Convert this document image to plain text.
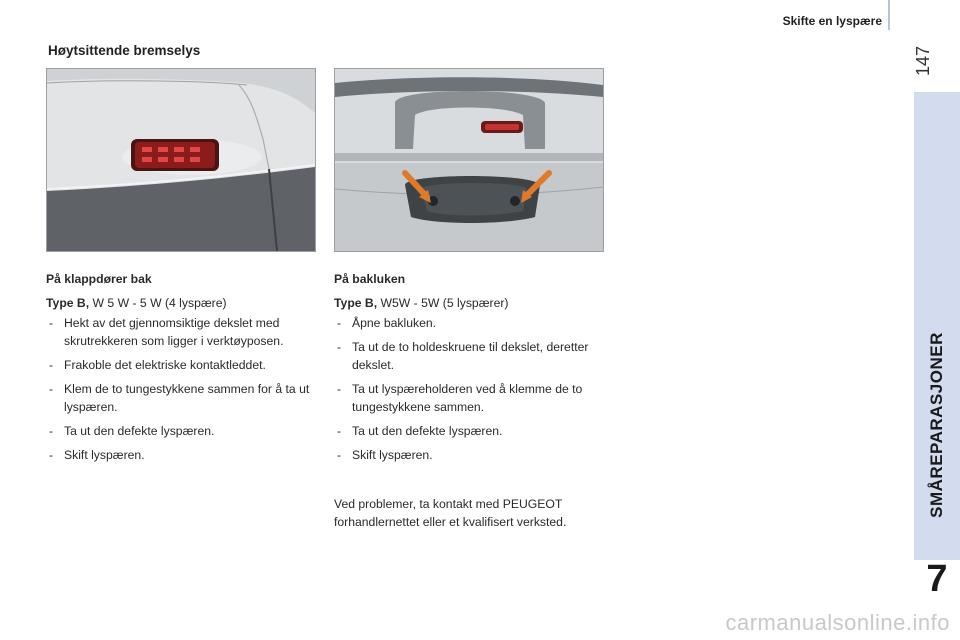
Skifte en lyspære
147
SMÅREPARASJONER
7
Høytsittende bremselys
På klappdører bak
Type B, W 5 W - 5 W (4 lyspære)
- Hekt av det gjennomsiktige dekslet med skrutrekkeren som ligger i verktøyposen.
- Frakoble det elektriske kontaktleddet.
- Klem de to tungestykkene sammen for å ta ut lyspæren.
- Ta ut den defekte lyspæren.
- Skift lyspæren.
På bakluken
Type B, W5W - 5W (5 lyspærer)
- Åpne bakluken.
- Ta ut de to holdeskruene til dekslet, deretter dekslet.
- Ta ut lyspæreholderen ved å klemme de to tungestykkene sammen.
- Ta ut den defekte lyspæren.
- Skift lyspæren.
Ved problemer, ta kontakt med PEUGEOT forhandlernettet eller et kvalifisert verksted.
carmanualsonline.info
